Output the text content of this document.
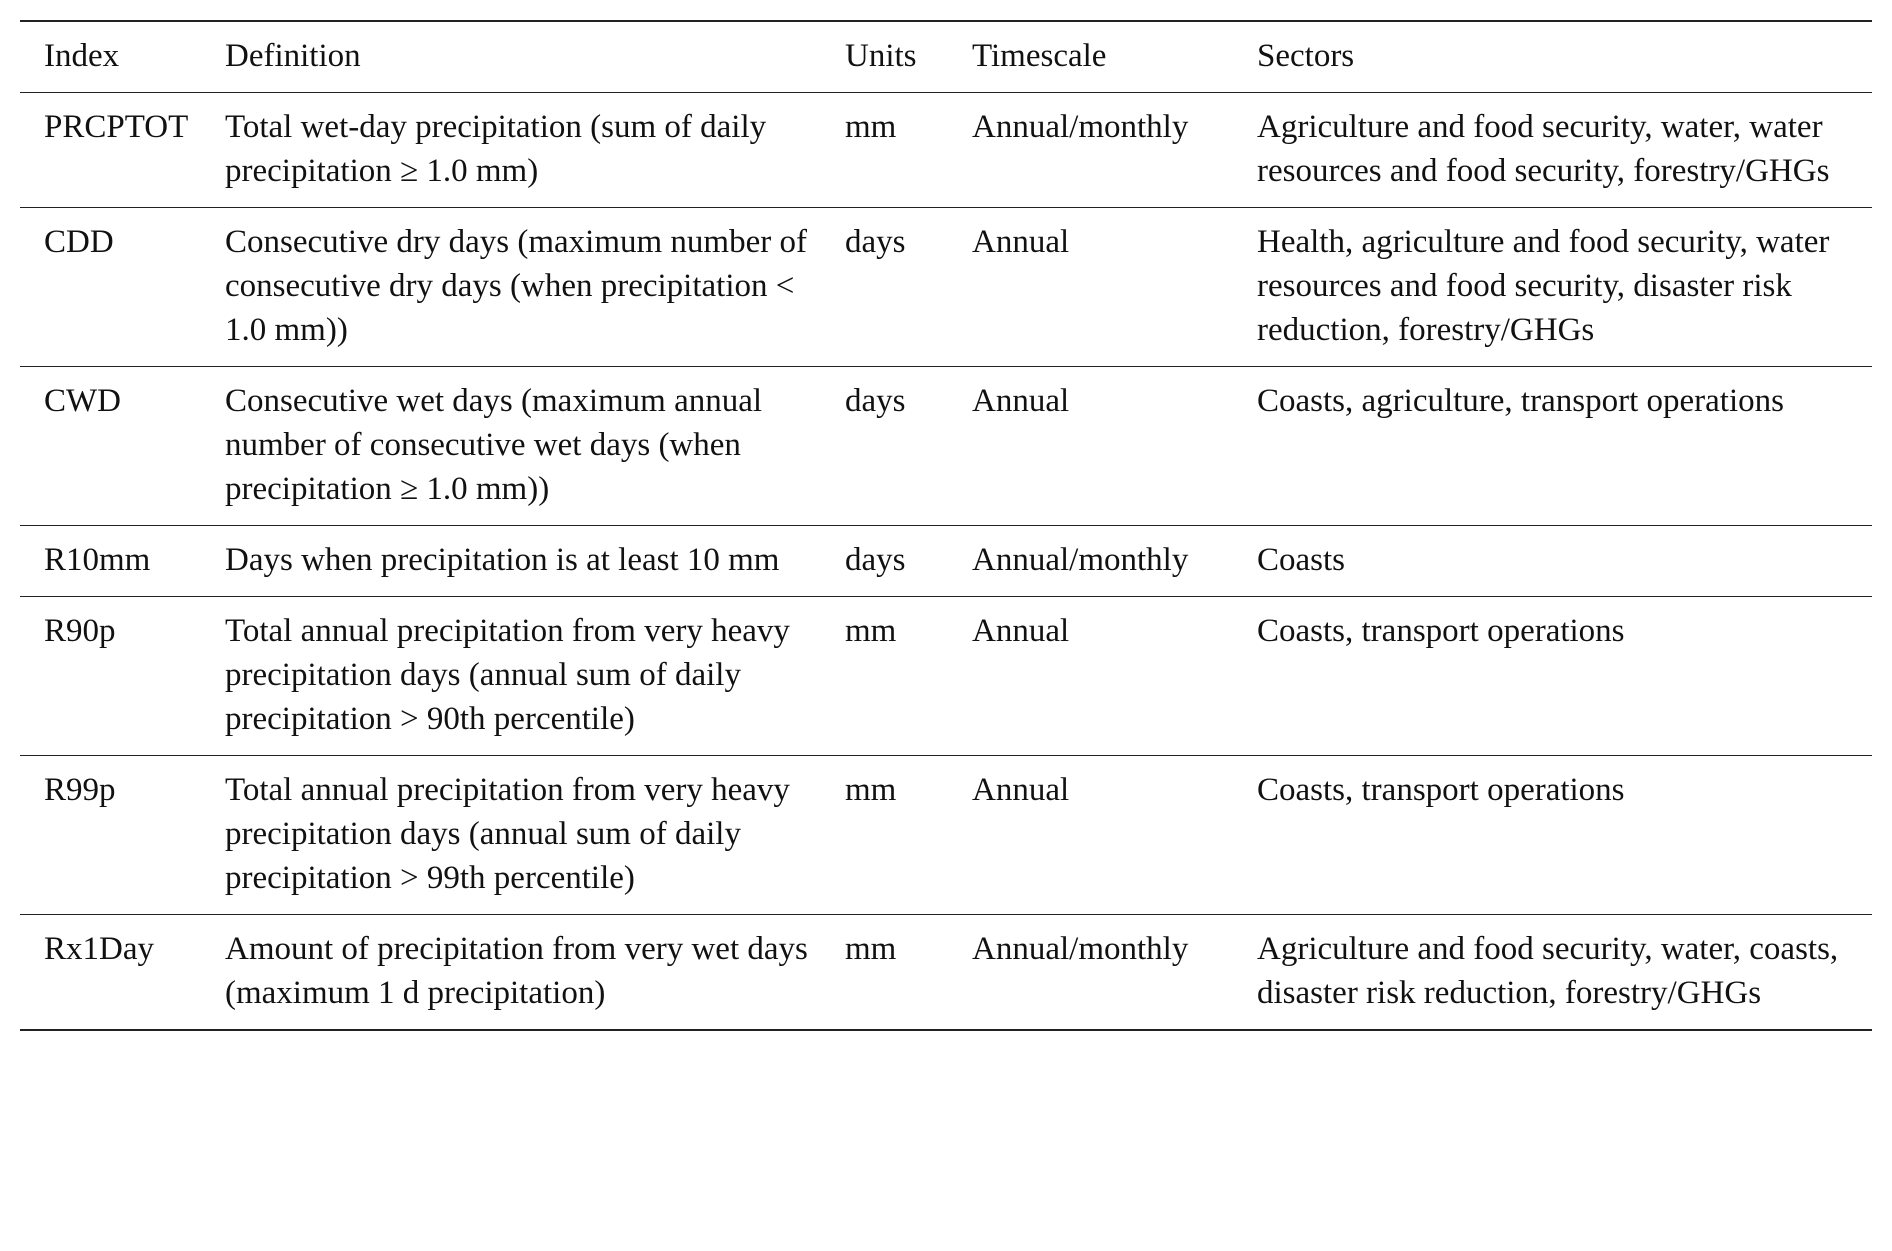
Index	Definition	Units	Timescale	Sectors
PRCPTOT	Total wet-day precipitation (sum of daily precipitation ≥ 1.0 mm)	mm	Annual/monthly	Agriculture and food security, water, water resources and food security, forestry/GHGs
CDD	Consecutive dry days (maximum number of consecutive dry days (when precipitation < 1.0 mm))	days	Annual	Health, agriculture and food security, water resources and food security, disaster risk reduction, forestry/GHGs
CWD	Consecutive wet days (maximum annual number of consecutive wet days (when precipitation ≥ 1.0 mm))	days	Annual	Coasts, agriculture, transport operations
R10mm	Days when precipitation is at least 10 mm	days	Annual/monthly	Coasts
R90p	Total annual precipitation from very heavy precipitation days (annual sum of daily precipitation > 90th percentile)	mm	Annual	Coasts, transport operations
R99p	Total annual precipitation from very heavy precipitation days (annual sum of daily precipitation > 99th percentile)	mm	Annual	Coasts, transport operations
Rx1Day	Amount of precipitation from very wet days (maximum 1 d precipitation)	mm	Annual/monthly	Agriculture and food security, water, coasts, disaster risk reduction, forestry/GHGs
